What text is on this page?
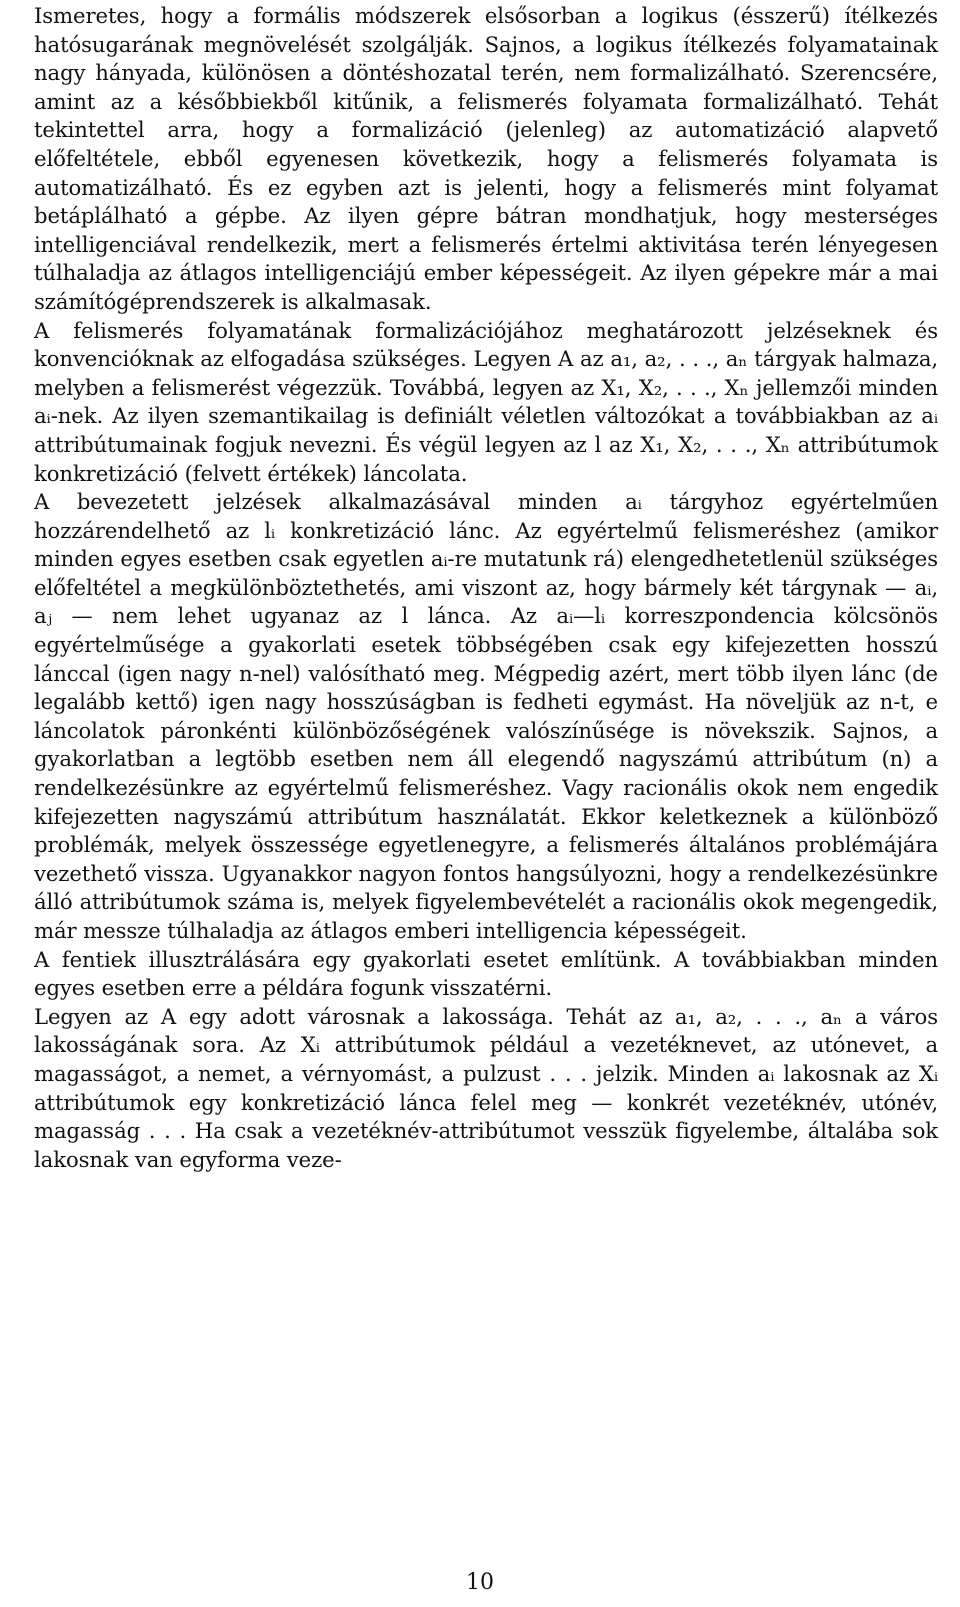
Ismeretes, hogy a formális módszerek elsősorban a logikus (ésszerű) ítélkezés hatósugarának megnövelését szolgálják. Sajnos, a logikus ítélkezés folyamatainak nagy hányada, különösen a döntéshozatal terén, nem formalizálható. Szerencsére, amint az a későbbiekből kitűnik, a felismerés folyamata formalizálható. Tehát tekintettel arra, hogy a formalizáció (jelenleg) az automatizáció alapvető előfeltétele, ebből egyenesen következik, hogy a felismerés folyamata is automatizálható. És ez egyben azt is jelenti, hogy a felismerés mint folyamat betáplálható a gépbe. Az ilyen gépre bátran mondhatjuk, hogy mesterséges intelligenciával rendelkezik, mert a felismerés értelmi aktivitása terén lényegesen túlhaladja az átlagos intelligenciájú ember képességeit. Az ilyen gépekre már a mai számítógéprendszerek is alkalmasak.

A felismerés folyamatának formalizációjához meghatározott jelzéseknek és konvencióknak az elfogadása szükséges. Legyen A az a₁, a₂, . . ., aₙ tárgyak halmaza, melyben a felismerést végezzük. Továbbá, legyen az X₁, X₂, . . ., Xₙ jellemzői minden aᵢ-nek. Az ilyen szemantikailag is definiált véletlen változókat a továbbiakban az aᵢ attribútumainak fogjuk nevezni. És végül legyen az l az X₁, X₂, . . ., Xₙ attribútumok konkretizáció (felvett értékek) láncolata.

A bevezetett jelzések alkalmazásával minden aᵢ tárgyhoz egyértelműen hozzárendelhető az lᵢ konkretizáció lánc. Az egyértelmű felismeréshez (amikor minden egyes esetben csak egyetlen aᵢ-re mutatunk rá) elengedhetetlenül szükséges előfeltétel a megkülönböztethetés, ami viszont az, hogy bármely két tárgynak — aᵢ, aⱼ — nem lehet ugyanaz az l lánca. Az aᵢ—lᵢ korreszpondencia kölcsönös egyértelműsége a gyakorlati esetek többségében csak egy kifejezetten hosszú lánccal (igen nagy n-nel) valósítható meg. Mégpedig azért, mert több ilyen lánc (de legalább kettő) igen nagy hosszúságban is fedheti egymást. Ha növeljük az n-t, e láncolatok páronkénti különbözőségének valószínűsége is növekszik. Sajnos, a gyakorlatban a legtöbb esetben nem áll elegendő nagyszámú attribútum (n) a rendelkezésünkre az egyértelmű felismeréshez. Vagy racionális okok nem engedik kifejezetten nagyszámú attribútum használatát. Ekkor keletkeznek a különböző problémák, melyek összessége egyetlenegyre, a felismerés általános problémájára vezethető vissza. Ugyanakkor nagyon fontos hangsúlyozni, hogy a rendelkezésünkre álló attribútumok száma is, melyek figyelembevételét a racionális okok megengedik, már messze túlhaladja az átlagos emberi intelligencia képességeit.

A fentiek illusztrálására egy gyakorlati esetet említünk. A továbbiakban minden egyes esetben erre a példára fogunk visszatérni.

Legyen az A egy adott városnak a lakossága. Tehát az a₁, a₂, . . ., aₙ a város lakosságának sora. Az Xᵢ attribútumok például a vezetéknevet, az utónevet, a magasságot, a nemet, a vérnyomást, a pulzust . . . jelzik. Minden aᵢ lakosnak az Xᵢ attribútumok egy konkretizáció lánca felel meg — konkrét vezetéknév, utónév, magasság . . . Ha csak a vezetéknév-attribútumot vesszük figyelembe, általába sok lakosnak van egyforma veze-

10
